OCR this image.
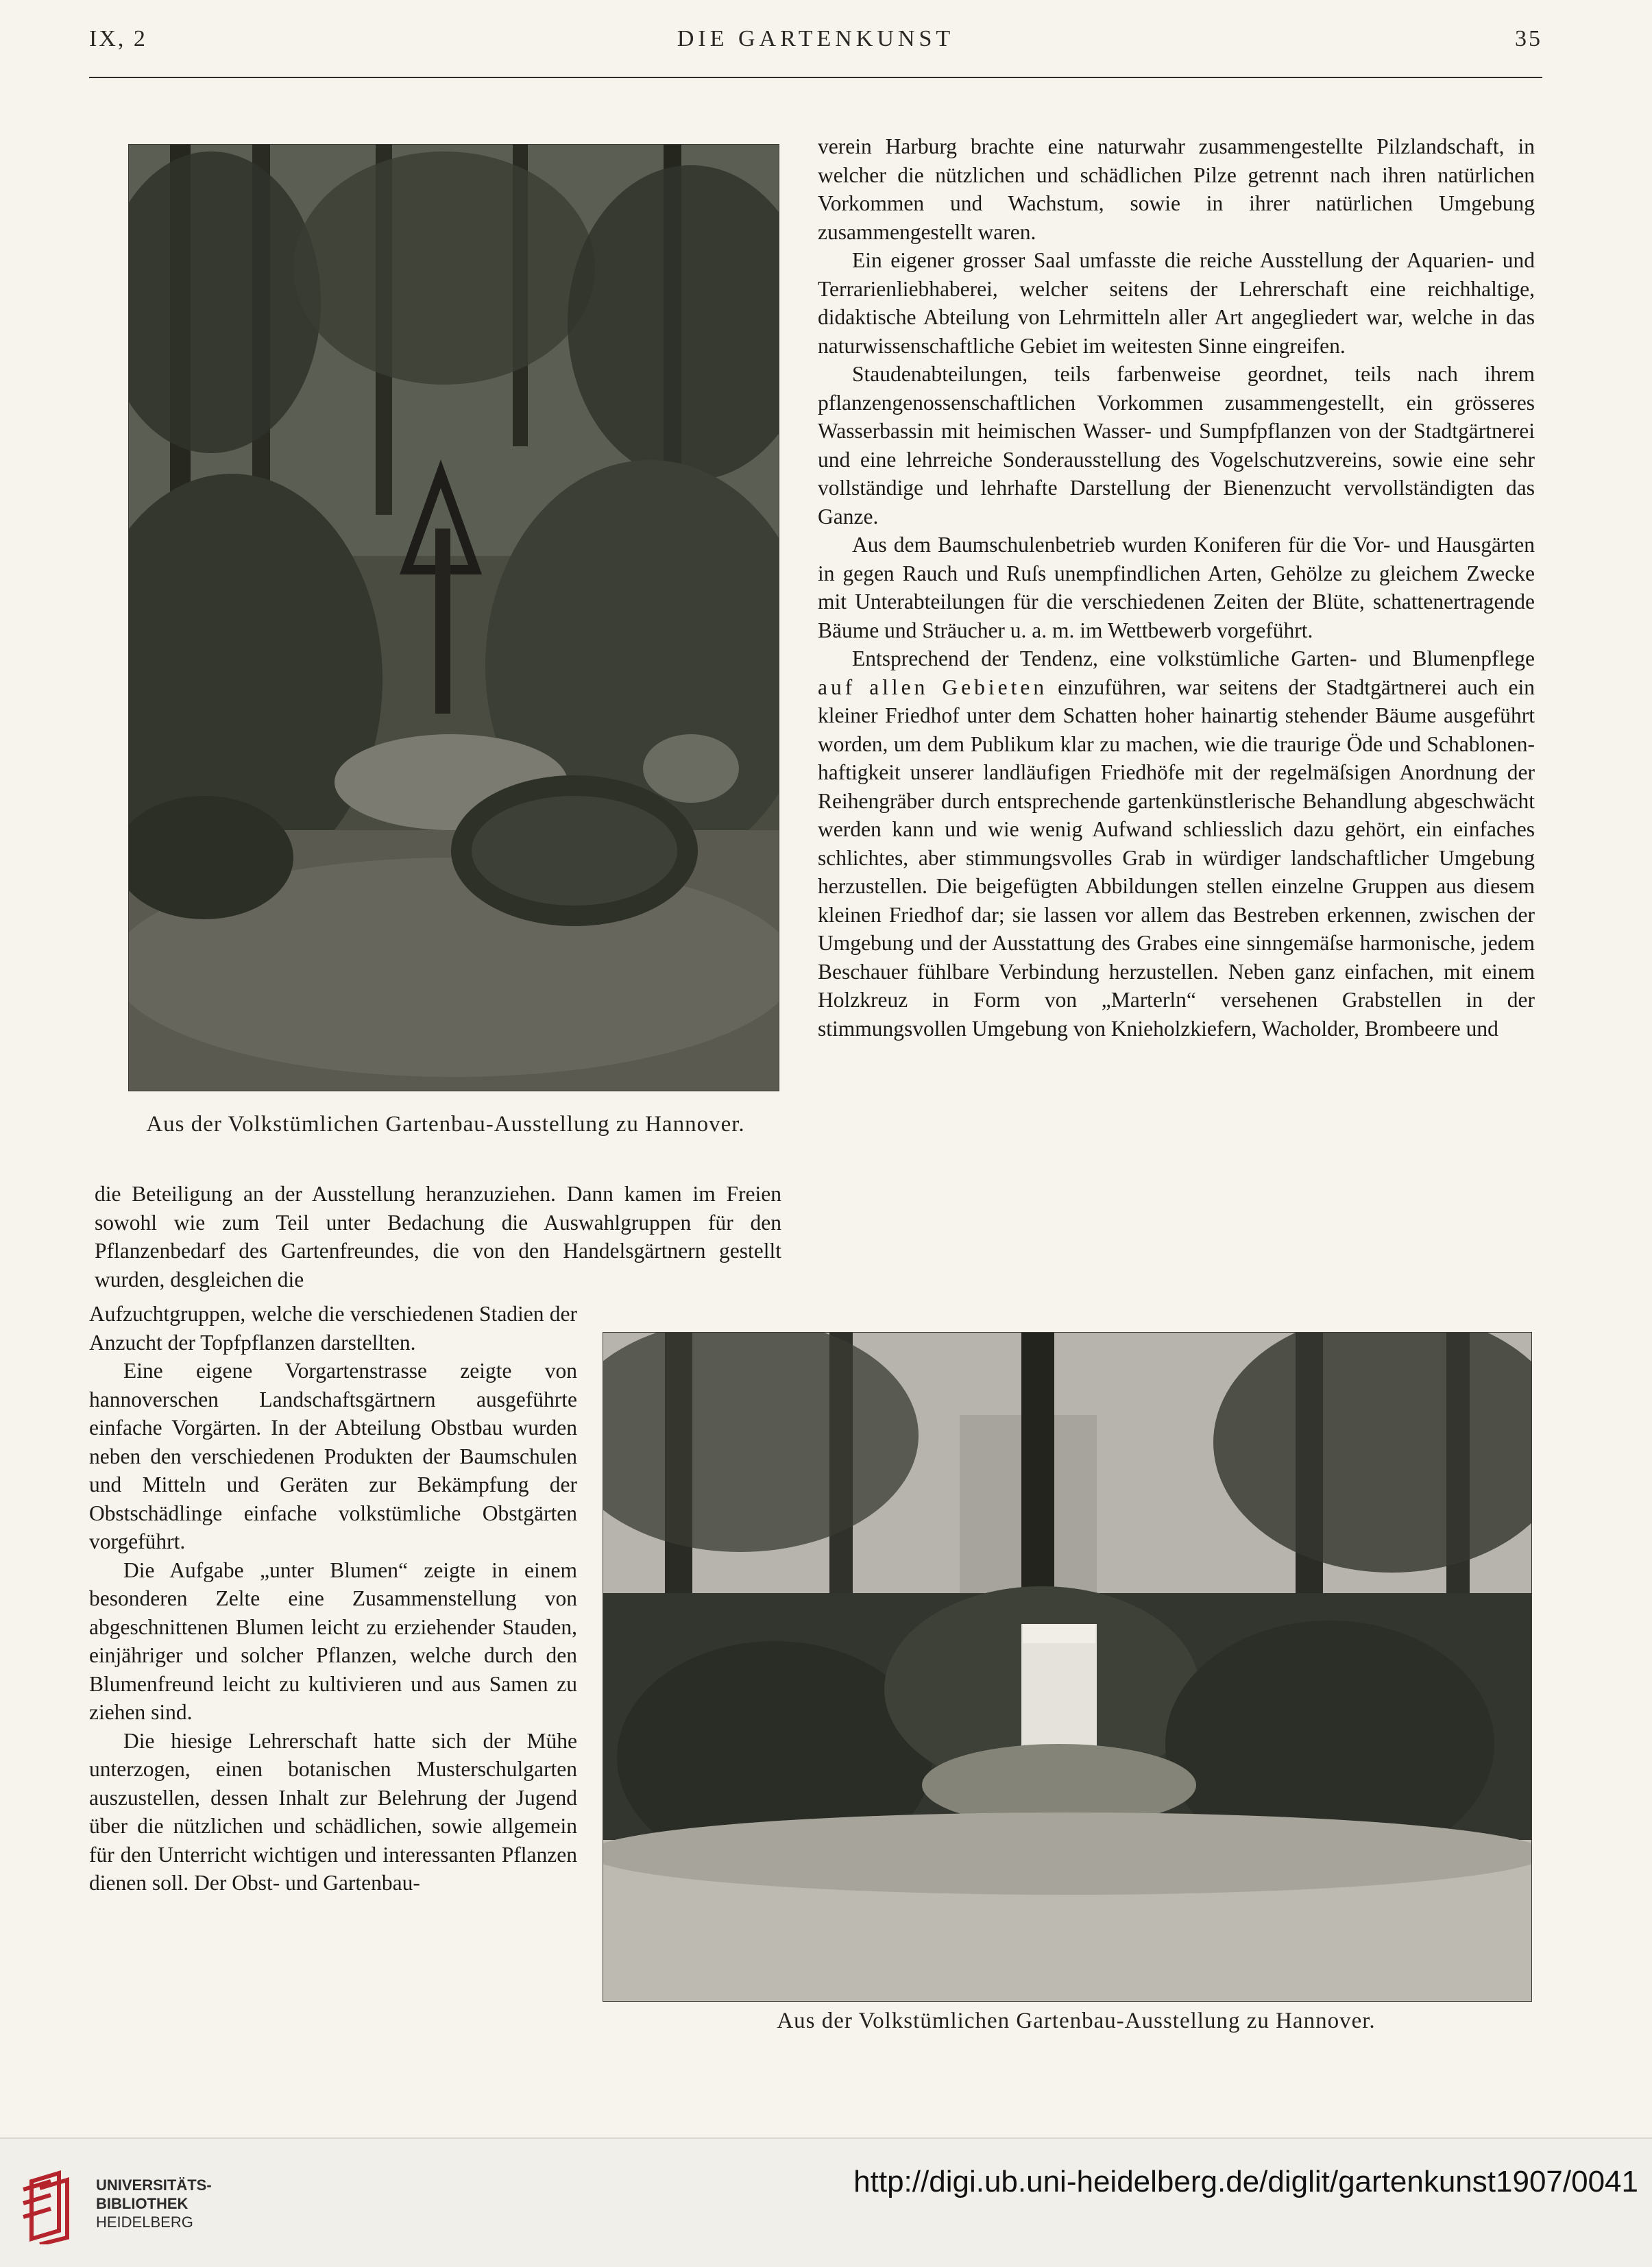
IX, 2	DIE GARTENKUNST	35
Aus der Volkstümlichen Gartenbau-Ausstellung zu Hannover.

verein Harburg brachte eine naturwahr zusammengestellte Pilzlandschaft, in welcher die nützlichen und schädlichen Pilze getrennt nach ihren natürlichen Vorkommen und Wachstum, sowie in ihrer natürlichen Umgebung zusammengestellt waren.

Ein eigener grosser Saal umfasste die reiche Ausstellung der Aquarien- und Terrarienliebhaberei, welcher seitens der Lehrerschaft eine reichhaltige, didaktische Abteilung von Lehrmitteln aller Art angegliedert war, welche in das naturwissenschaftliche Gebiet im weitesten Sinne eingreifen.

Staudenabteilungen, teils farbenweise geordnet, teils nach ihrem pflanzengenossenschaftlichen Vorkommen zusammengestellt, ein grösseres Wasserbassin mit heimischen Wasser- und Sumpfpflanzen von der Stadtgärtnerei und eine lehrreiche Sonderausstellung des Vogelschutzvereins, sowie eine sehr vollständige und lehrhafte Darstellung der Bienenzucht vervollständigten das Ganze.

Aus dem Baumschulenbetrieb wurden Koniferen für die Vor- und Hausgärten in gegen Rauch und Ruſs unempfindlichen Arten, Gehölze zu gleichem Zwecke mit Unterabteilungen für die verschiedenen Zeiten der Blüte, schattenertragende Bäume und Sträucher u. a. m. im Wettbewerb vorgeführt.

Entsprechend der Tendenz, eine volkstümliche Garten- und Blumenpflege auf allen Gebieten einzuführen, war seitens der Stadtgärtnerei auch ein kleiner Friedhof unter dem Schatten hoher hainartig stehender Bäume ausgeführt worden, um dem Publikum klar zu machen, wie die traurige Öde und Schablonenhaftigkeit unserer landläufigen Friedhöfe mit der regelmäſsigen Anordnung der Reihengräber durch entsprechende gartenkünstlerische Behandlung abgeschwächt werden kann und wie wenig Aufwand schliesslich dazu gehört, ein einfaches schlichtes, aber stimmungsvolles Grab in würdiger landschaftlicher Umgebung herzustellen. Die beigefügten Abbildungen stellen einzelne Gruppen aus diesem kleinen Friedhof dar; sie lassen vor allem das Bestreben erkennen, zwischen der Umgebung und der Ausstattung des Grabes eine sinngemäſse harmonische, jedem Beschauer fühlbare Verbindung herzustellen. Neben ganz einfachen, mit einem Holzkreuz in Form von „Marterln“ versehenen Grabstellen in der stimmungsvollen Umgebung von Knieholzkiefern, Wacholder, Brombeere und

die Beteiligung an der Ausstellung heranzuziehen. Dann kamen im Freien sowohl wie zum Teil unter Bedachung die Auswahlgruppen für den Pflanzenbedarf des Gartenfreundes, die von den Handelsgärtnern gestellt wurden, desgleichen die

Aufzuchtgruppen, welche die verschiedenen Stadien der Anzucht der Topfpflanzen darstellten.

Eine eigene Vorgartenstrasse zeigte von hannoverschen Landschaftsgärtnern ausgeführte einfache Vorgärten. In der Abteilung Obstbau wurden neben den verschiedenen Produkten der Baumschulen und Mitteln und Geräten zur Bekämpfung der Obstschädlinge einfache volkstümliche Obstgärten vorgeführt.

Die Aufgabe „unter Blumen“ zeigte in einem besonderen Zelte eine Zusammenstellung von abgeschnittenen Blumen leicht zu erziehender Stauden, einjähriger und solcher Pflanzen, welche durch den Blumenfreund leicht zu kultivieren und aus Samen zu ziehen sind.

Die hiesige Lehrerschaft hatte sich der Mühe unterzogen, einen botanischen Musterschulgarten auszustellen, dessen Inhalt zur Belehrung der Jugend über die nützlichen und schädlichen, sowie allgemein für den Unterricht wichtigen und interessanten Pflanzen dienen soll. Der Obst- und Gartenbau-

Aus der Volkstümlichen Gartenbau-Ausstellung zu Hannover.
UNIVERSITÄTS-
BIBLIOTHEK
HEIDELBERG
http://digi.ub.uni-heidelberg.de/diglit/gartenkunst1907/0041
